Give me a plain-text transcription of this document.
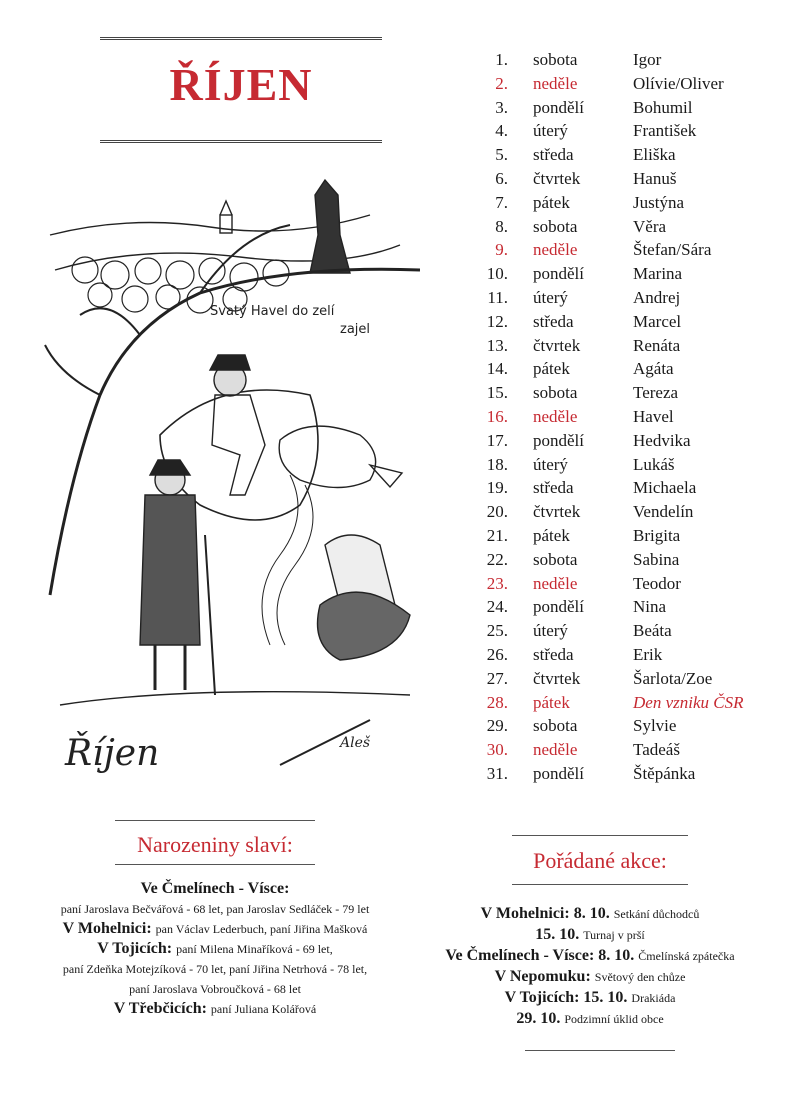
ŘÍJEN
Svatý Havel do zelí
zajel
Říjen	Aleš
1. sobota	Igor
2. neděle	Olívie/Oliver
3. pondělí	Bohumil
4. úterý	František
5. středa	Eliška
6. čtvrtek	Hanuš
7. pátek	Justýna
8. sobota	Věra
9. neděle	Štefan/Sára
10. pondělí	Marina
11. úterý	Andrej
12. středa	Marcel
13. čtvrtek	Renáta
14. pátek	Agáta
15. sobota	Tereza
16. neděle	Havel
17. pondělí	Hedvika
18. úterý	Lukáš
19. středa	Michaela
20. čtvrtek	Vendelín
21. pátek	Brigita
22. sobota	Sabina
23. neděle	Teodor
24. pondělí	Nina
25. úterý	Beáta
26. středa	Erik
27. čtvrtek	Šarlota/Zoe
28. pátek	Den vzniku ČSR
29. sobota	Sylvie
30. neděle	Tadeáš
31. pondělí	Štěpánka
Narozeniny slaví:
Ve Čmelínech - Vísce:
paní Jaroslava Bečvářová - 68 let, pan Jaroslav Sedláček - 79 let
V Mohelnici: pan Václav Lederbuch, paní Jiřina Mašková
V Tojicích: paní Milena Minaříková - 69 let,
paní Zdeňka Motejzíková - 70 let, paní Jiřina Netrhová - 78 let,
paní Jaroslava Vobroučková - 68 let
V Třebčicích: paní Juliana Kolářová
Pořádané akce:
V Mohelnici: 8. 10. Setkání důchodců
15. 10. Turnaj v prší
Ve Čmelínech - Vísce: 8. 10. Čmelínská zpátečka
V Nepomuku: Světový den chůze
V Tojicích: 15. 10. Drakiáda
29. 10. Podzimní úklid obce
